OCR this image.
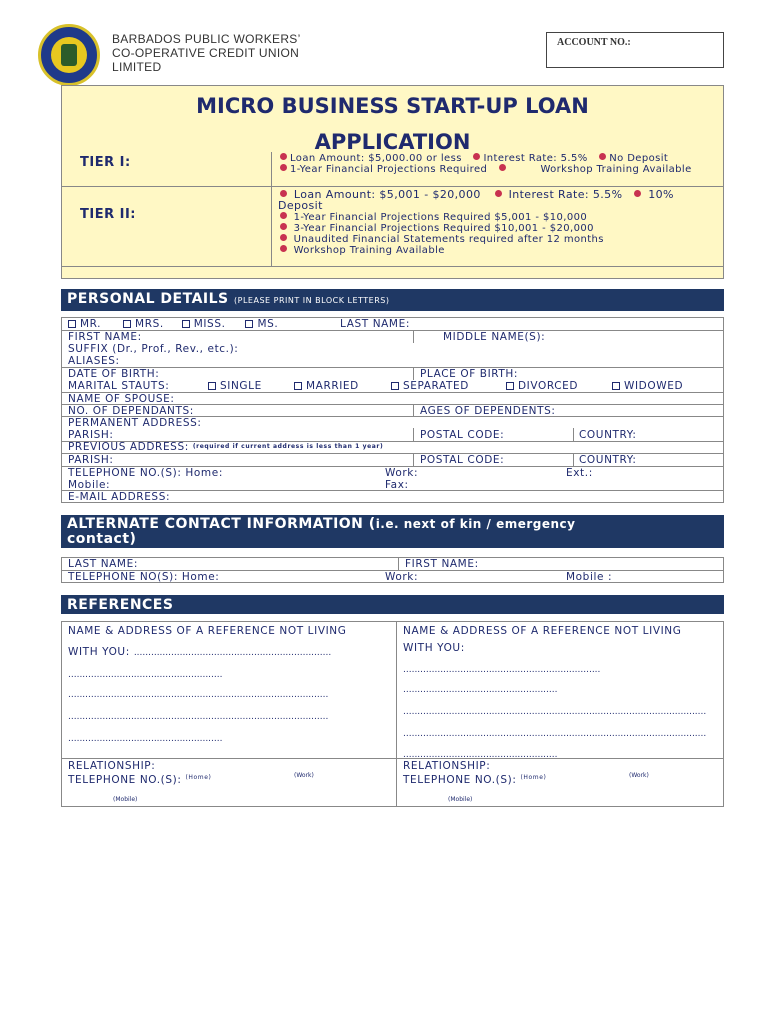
BARBADOS PUBLIC WORKERS’
CO-OPERATIVE CREDIT UNION
LIMITED
ACCOUNT NO.:
MICRO BUSINESS START-UP LOAN
APPLICATION
TIER I:	Loan Amount: $5,000.00 or less Interest Rate: 5.5% No Deposit
1-Year Financial Projections Required	Workshop Training Available
TIER II:
Loan Amount: $5,001 - $20,000	Interest Rate: 5.5% 10%
Deposit
1-Year Financial Projections Required $5,001 - $10,000
3-Year Financial Projections Required $10,001 - $20,000
Unaudited Financial Statements required after 12 months
Workshop Training Available
PERSONAL DETAILS (PLEASE PRINT IN BLOCK LETTERS)
MR.	MRS.	MISS.	MS.	LAST NAME:
FIRST NAME:	MIDDLE NAME(S):
SUFFIX (Dr., Prof., Rev., etc.):
ALIASES:
DATE OF BIRTH:	PLACE OF BIRTH:
MARITAL STAUTS:	SINGLE	MARRIED	SEPARATED	DIVORCED	WIDOWED
NAME OF SPOUSE:
NO. OF DEPENDANTS:	AGES OF DEPENDENTS:
PERMANENT ADDRESS:
PARISH:	POSTAL CODE:	COUNTRY:
PREVIOUS ADDRESS: (required if current address is less than 1 year)
PARISH:	POSTAL CODE:	COUNTRY:
TELEPHONE NO.(S): Home:	Work:	Ext.:
Mobile:	Fax:
E-MAIL ADDRESS:
ALTERNATE CONTACT INFORMATION (i.e. next of kin / emergency
contact)
LAST NAME:	FIRST NAME:
TELEPHONE NO(S): Home:	Work:	Mobile :
REFERENCES
NAME & ADDRESS OF A REFERENCE NOT LIVING
WITH YOU: .....................................................................
......................................................
...........................................................................................
...........................................................................................
......................................................
RELATIONSHIP:
TELEPHONE NO.(S): $^{(Home)}$	(Work)
(Mobile)
NAME & ADDRESS OF A REFERENCE NOT LIVING
WITH YOU:
.....................................................................
......................................................
..........................................................................................................
..........................................................................................................
......................................................
RELATIONSHIP:
TELEPHONE NO.(S): $^{(Home)}$	(Work)
(Mobile)
